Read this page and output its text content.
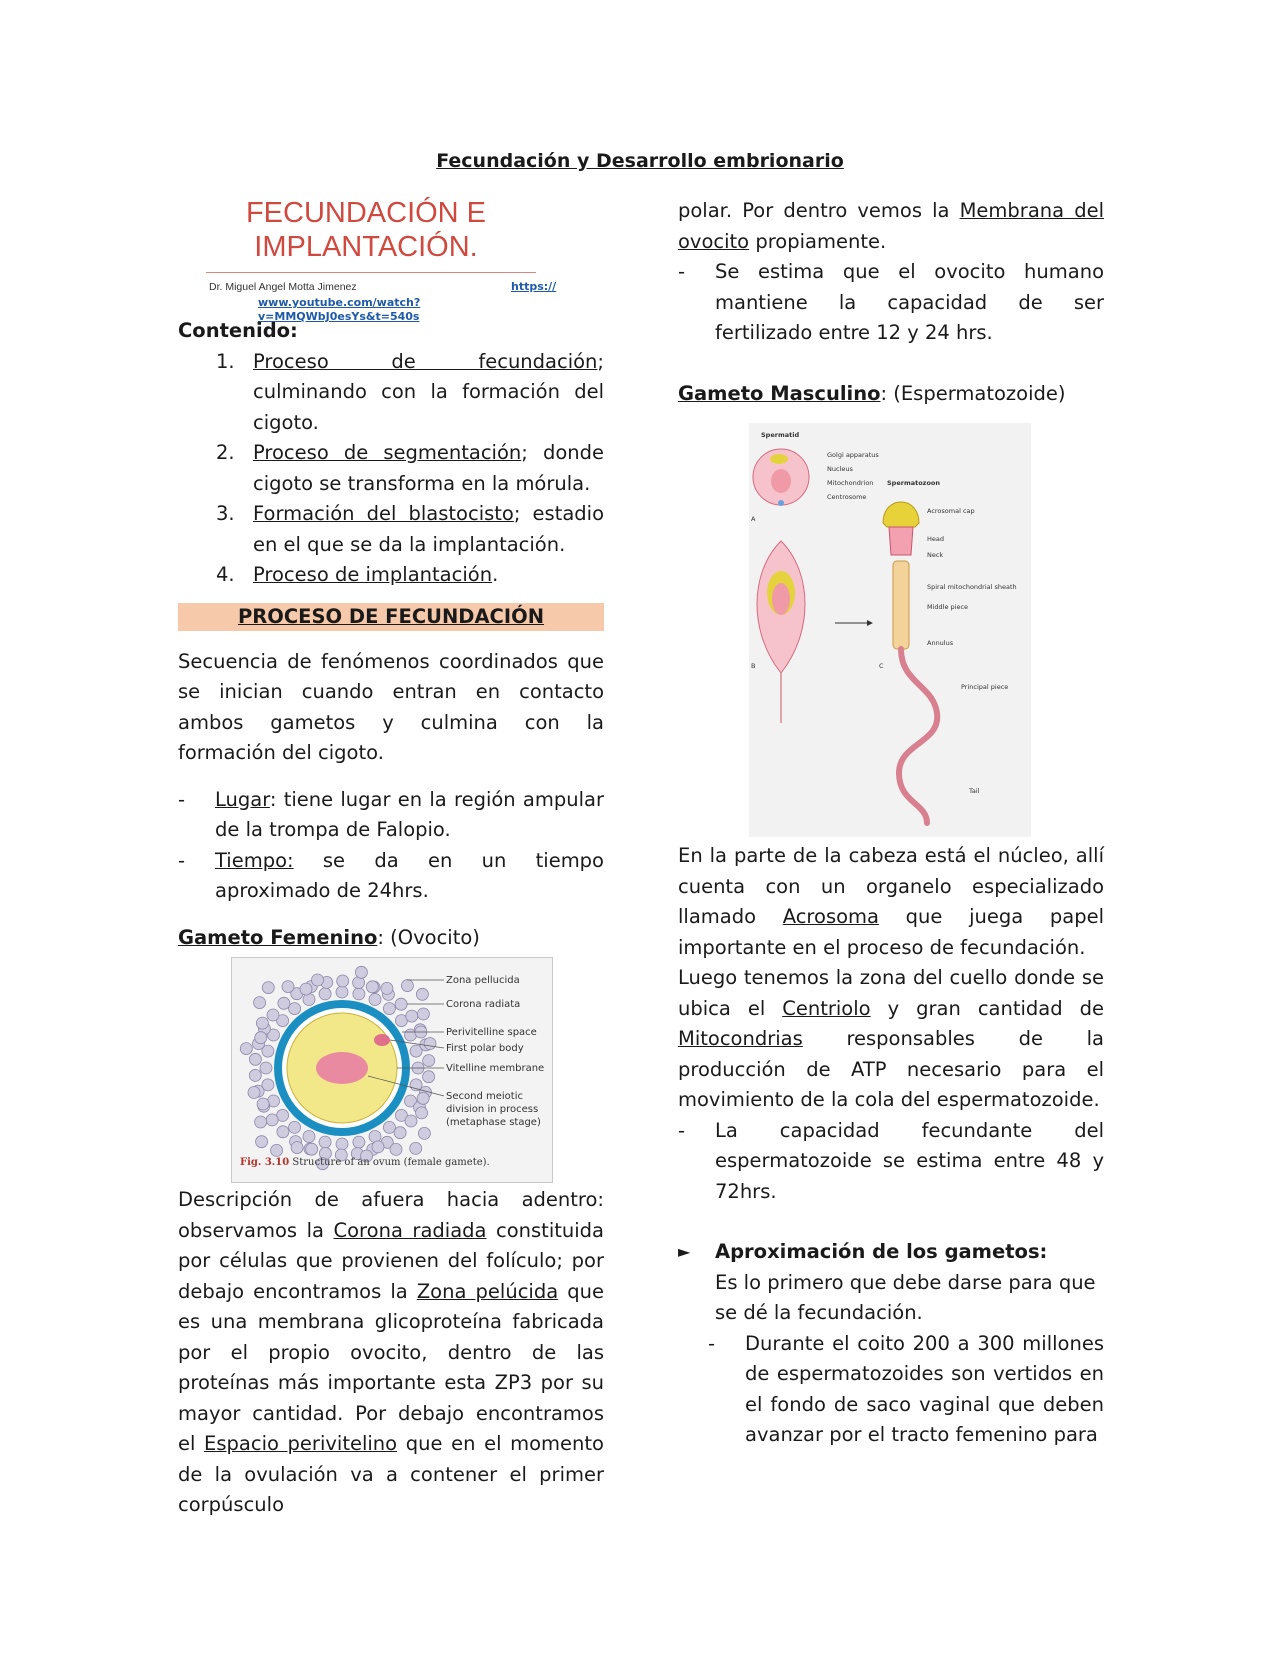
Fecundación y Desarrollo embrionario
FECUNDACIÓN E
IMPLANTACIÓN.
Dr. Miguel Angel Motta Jimenez	https://
www.youtube.com/watch?v=MMQWbJ0esYs&t=540s

Contenido:

1. Proceso de fecundación; culminando con la formación del cigoto.
2. Proceso de segmentación; donde cigoto se transforma en la mórula.
3. Formación del blastocisto; estadio en el que se da la implantación.
4. Proceso de implantación.
PROCESO DE FECUNDACIÓN

Secuencia de fenómenos coordinados que se inician cuando entran en contacto ambos gametos y culmina con la formación del cigoto.

- Lugar: tiene lugar en la región ampular de la trompa de Falopio.
- Tiempo: se da en un tiempo aproximado de 24hrs.

Gameto Femenino: (Ovocito)

Zona pellucida
Corona radiata
Perivitelline space
First polar body
Vitelline membrane
Second meiotic
division in process
(metaphase stage)
Fig. 3.10 Structure of an ovum (female gamete).

Descripción de afuera hacia adentro: observamos la Corona radiada constituida por células que provienen del folículo; por debajo encontramos la Zona pelúcida que es una membrana glicoproteína fabricada por el propio ovocito, dentro de las proteínas más importante esta ZP3 por su mayor cantidad. Por debajo encontramos el Espacio perivitelino que en el momento de la ovulación va a contener el primer corpúsculo

polar. Por dentro vemos la Membrana del ovocito propiamente.

- Se estima que el ovocito humano mantiene la capacidad de ser fertilizado entre 12 y 24 hrs.

Gameto Masculino: (Espermatozoide)

Spermatid
Golgi apparatus
Nucleus
Mitochondrion
Centrosome
Spermatozoon
A
B
Acrosomal cap
Head
Neck
Spiral mitochondrial sheath
Middle piece
Annulus
Principal piece
Tail
C

En la parte de la cabeza está el núcleo, allí cuenta con un organelo especializado llamado Acrosoma que juega papel importante en el proceso de fecundación.

Luego tenemos la zona del cuello donde se ubica el Centriolo y gran cantidad de Mitocondrias responsables de la producción de ATP necesario para el movimiento de la cola del espermatozoide.

- La capacidad fecundante del espermatozoide se estima entre 48 y 72hrs.
► Aproximación de los gametos:
Es lo primero que debe darse para que se dé la fecundación.
- Durante el coito 200 a 300 millones de espermatozoides son vertidos en el fondo de saco vaginal que deben avanzar por el tracto femenino para
